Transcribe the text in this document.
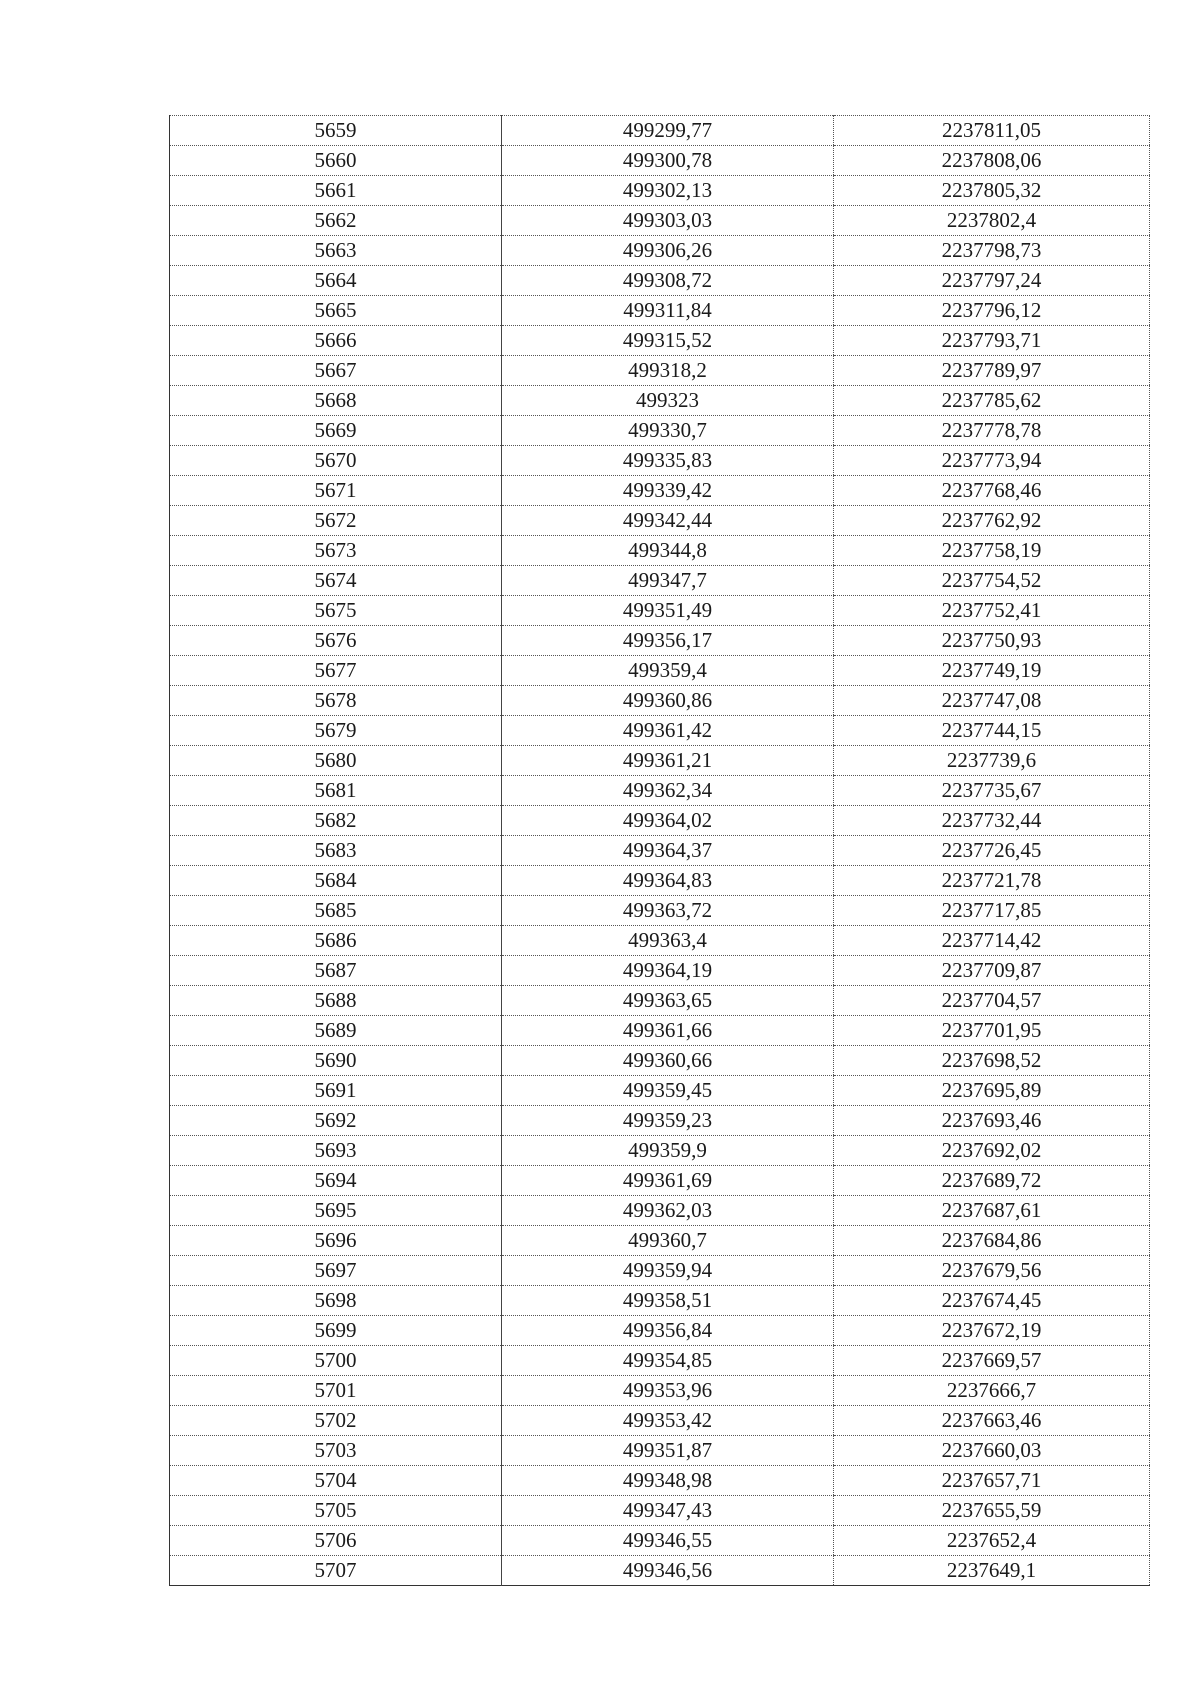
5659	499299,77	2237811,05
5660	499300,78	2237808,06
5661	499302,13	2237805,32
5662	499303,03	2237802,4
5663	499306,26	2237798,73
5664	499308,72	2237797,24
5665	499311,84	2237796,12
5666	499315,52	2237793,71
5667	499318,2	2237789,97
5668	499323	2237785,62
5669	499330,7	2237778,78
5670	499335,83	2237773,94
5671	499339,42	2237768,46
5672	499342,44	2237762,92
5673	499344,8	2237758,19
5674	499347,7	2237754,52
5675	499351,49	2237752,41
5676	499356,17	2237750,93
5677	499359,4	2237749,19
5678	499360,86	2237747,08
5679	499361,42	2237744,15
5680	499361,21	2237739,6
5681	499362,34	2237735,67
5682	499364,02	2237732,44
5683	499364,37	2237726,45
5684	499364,83	2237721,78
5685	499363,72	2237717,85
5686	499363,4	2237714,42
5687	499364,19	2237709,87
5688	499363,65	2237704,57
5689	499361,66	2237701,95
5690	499360,66	2237698,52
5691	499359,45	2237695,89
5692	499359,23	2237693,46
5693	499359,9	2237692,02
5694	499361,69	2237689,72
5695	499362,03	2237687,61
5696	499360,7	2237684,86
5697	499359,94	2237679,56
5698	499358,51	2237674,45
5699	499356,84	2237672,19
5700	499354,85	2237669,57
5701	499353,96	2237666,7
5702	499353,42	2237663,46
5703	499351,87	2237660,03
5704	499348,98	2237657,71
5705	499347,43	2237655,59
5706	499346,55	2237652,4
5707	499346,56	2237649,1
